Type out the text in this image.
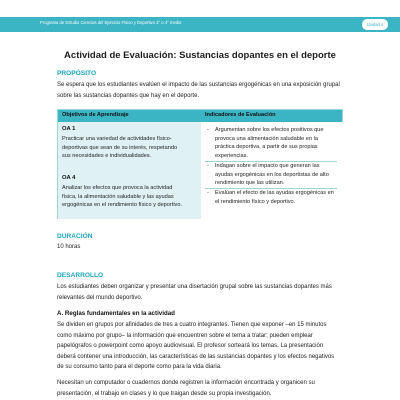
Programa de Estudio Ciencias del Ejercicio Físico y Deportivo 3° o 4° medio	Unidad 4
Actividad de Evaluación: Sustancias dopantes en el deporte
PROPÓSITO
Se espera que los estudiantes evalúen el impacto de las sustancias ergogénicas en una exposición grupal
sobre las sustancias dopantes que hay en el deporte.
Objetivos de Aprendizaje	Indicadores de Evaluación
OA 1
Practicar una variedad de actividades físico-
deportivas que sean de su interés, respetando
sus necesidades e individualidades.
OA 4
Analizar los efectos que provoca la actividad
física, la alimentación saludable y las ayudas
ergogénicas en el rendimiento físico y deportivo.
- Argumentan sobre los efectos positivos que
provoca una alimentación saludable en la
práctica deportiva, a partir de sus propias
experiencias.
- Indagan sobre el impacto que generan las
ayudas ergogénicas en los deportistas de alto
rendimiento que las utilizan.
- Evalúan el efecto de las ayudas ergogénicas en
el rendimiento físico y deportivo.
DURACIÓN
10 horas
DESARROLLO
Los estudiantes deben organizar y presentar una disertación grupal sobre las sustancias dopantes más
relevantes del mundo deportivo.
A. Reglas fundamentales en la actividad
Se dividen en grupos por afinidades de tres a cuatro integrantes. Tienen que exponer –en 15 minutos
como máximo por grupo– la información que encuentren sobre el tema a tratar; pueden emplear
papelógrafos o powerpoint como apoyo audiovisual. El profesor sorteará los temas. La presentación
deberá contener una introducción, las características de las sustancias dopantes y los efectos negativos
de su consumo tanto para el deporte como para la vida diaria.
Necesitan un computador o cuadernos donde registren la información encontrada y organicen su
presentación, el trabajo en clases y lo que traigan desde su propia investigación.
